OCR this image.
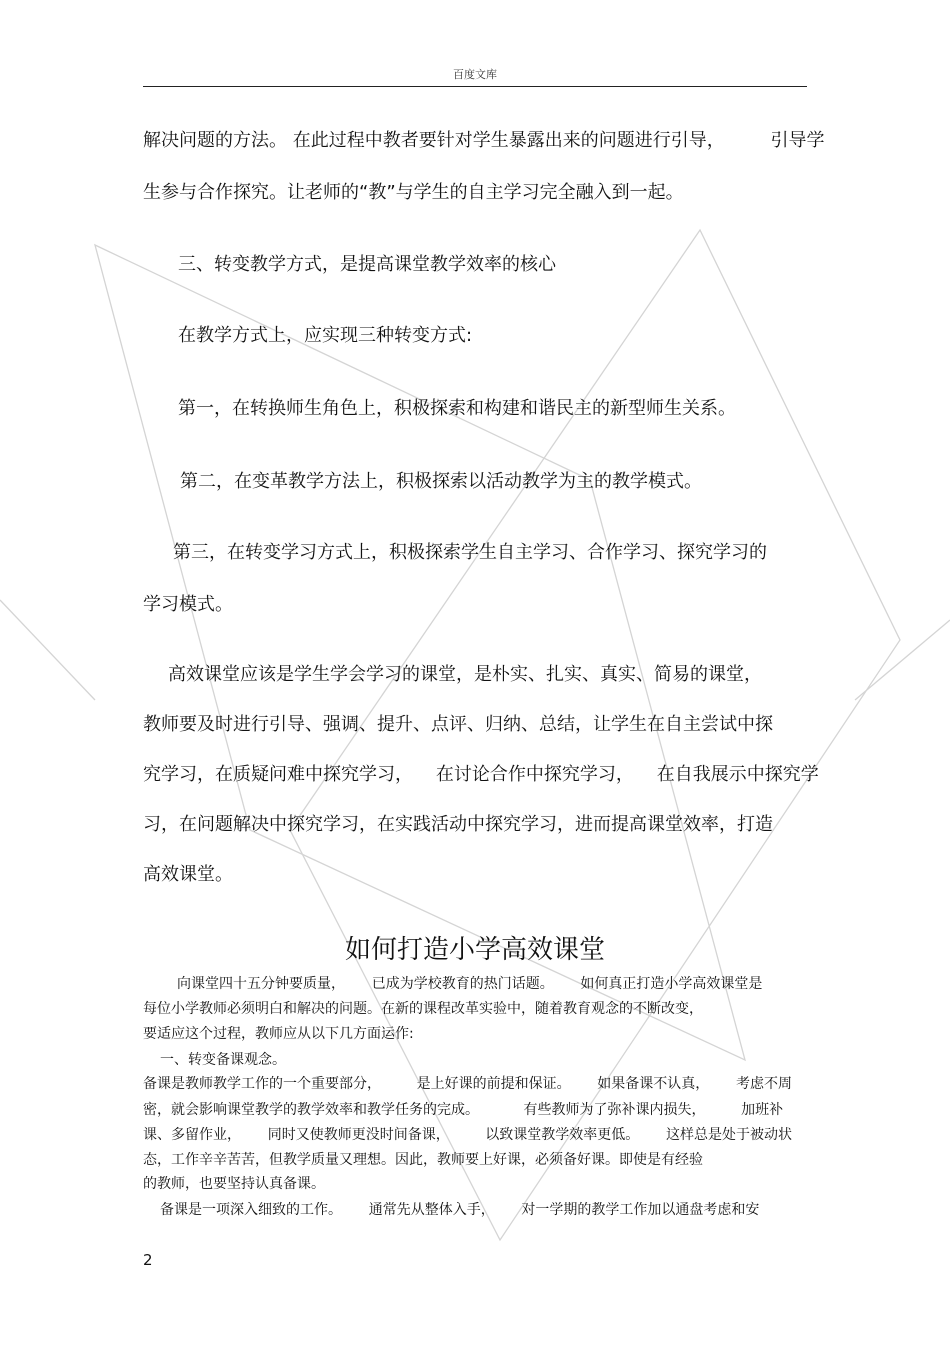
百度文库
解决问题的方法。 在此过程中教者要针对学生暴露出来的问题进行引导，        引导学
生参与合作探究。让老师的“教”与学生的自主学习完全融入到一起。
三、转变教学方式，是提高课堂教学效率的核心
在教学方式上，应实现三种转变方式:
第一，在转换师生角色上，积极探索和构建和谐民主的新型师生关系。
第二，在变革教学方法上，积极探索以活动教学为主的教学模式。
第三，在转变学习方式上，积极探索学生自主学习、合作学习、探究学习的
学习模式。
高效课堂应该是学生学会学习的课堂，是朴实、扎实、真实、简易的课堂，
教师要及时进行引导、强调、提升、点评、归纳、总结，让学生在自主尝试中探
究学习，在质疑问难中探究学习，    在讨论合作中探究学习，    在自我展示中探究学
习，在问题解决中探究学习，在实践活动中探究学习，进而提高课堂效率，打造
高效课堂。
如何打造小学高效课堂
向课堂四十五分钟要质量，      已成为学校教育的热门话题。      如何真正打造小学高效课堂是
每位小学教师必须明白和解决的问题。在新的课程改革实验中，随着教育观念的不断改变，
要适应这个过程，教师应从以下几方面运作:
一、转变备课观念。
备课是教师教学工作的一个重要部分，        是上好课的前提和保证。      如果备课不认真，      考虑不周
密，就会影响课堂教学的教学效率和教学任务的完成。          有些教师为了弥补课内损失，        加班补
课、多留作业，      同时又使教师更没时间备课，        以致课堂教学效率更低。      这样总是处于被动状
态，工作辛辛苦苦，但教学质量又理想。因此，教师要上好课，必须备好课。即使是有经验
的教师，也要坚持认真备课。
备课是一项深入细致的工作。      通常先从整体入手，      对一学期的教学工作加以通盘考虑和安
2
